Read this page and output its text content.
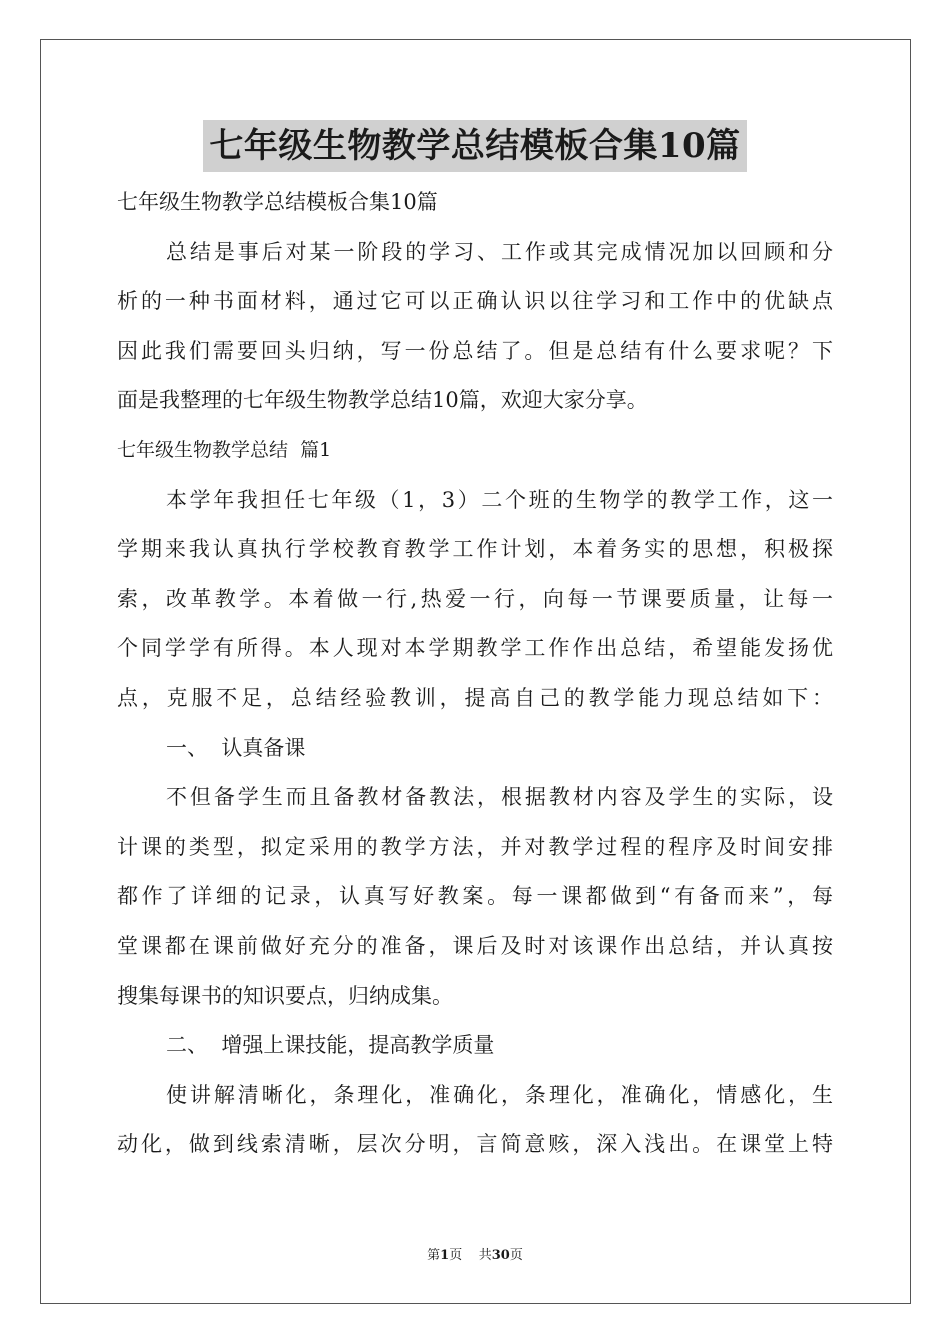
七年级生物教学总结模板合集10篇
七年级生物教学总结模板合集10篇
总结是事后对某一阶段的学习、工作或其完成情况加以回顾和分
析的一种书面材料，通过它可以正确认识以往学习和工作中的优缺点
因此我们需要回头归纳，写一份总结了。但是总结有什么要求呢？下
面是我整理的七年级生物教学总结10篇，欢迎大家分享。
七年级生物教学总结  篇1
本学年我担任七年级（1，3）二个班的生物学的教学工作，这一
学期来我认真执行学校教育教学工作计划，本着务实的思想，积极探
索，改革教学。本着做一行,热爱一行，向每一节课要质量，让每一
个同学学有所得。本人现对本学期教学工作作出总结，希望能发扬优
点，克服不足，总结经验教训，提高自己的教学能力现总结如下：
一、  认真备课
不但备学生而且备教材备教法，根据教材内容及学生的实际，设
计课的类型，拟定采用的教学方法，并对教学过程的程序及时间安排
都作了详细的记录，认真写好教案。每一课都做到“有备而来”，每
堂课都在课前做好充分的准备，课后及时对该课作出总结，并认真按
搜集每课书的知识要点，归纳成集。
二、  增强上课技能，提高教学质量
使讲解清晰化，条理化，准确化，条理化，准确化，情感化，生
动化，做到线索清晰，层次分明，言简意赅，深入浅出。在课堂上特
第1页    共30页
